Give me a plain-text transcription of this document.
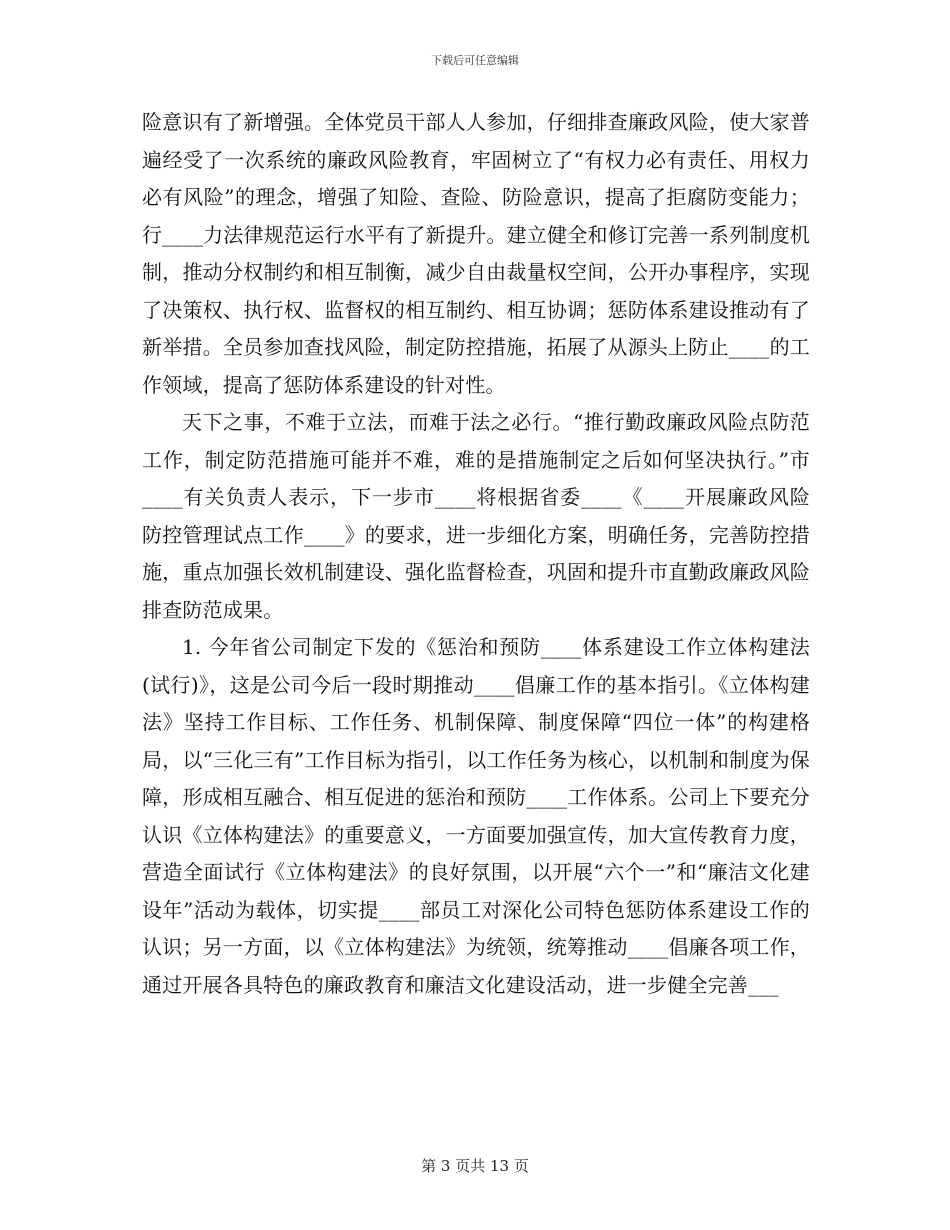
下载后可任意编辑

险意识有了新增强。全体党员干部人人参加，仔细排查廉政风险，使大家普遍经受了一次系统的廉政风险教育，牢固树立了“有权力必有责任、用权力必有风险”的理念，增强了知险、查险、防险意识，提高了拒腐防变能力；行____力法律规范运行水平有了新提升。建立健全和修订完善一系列制度机制，推动分权制约和相互制衡，减少自由裁量权空间，公开办事程序，实现了决策权、执行权、监督权的相互制约、相互协调；惩防体系建设推动有了新举措。全员参加查找风险，制定防控措施，拓展了从源头上防止____的工作领域，提高了惩防体系建设的针对性。

天下之事，不难于立法，而难于法之必行。“推行勤政廉政风险点防范工作，制定防范措施可能并不难，难的是措施制定之后如何坚决执行。”市____有关负责人表示，下一步市____将根据省委____《____开展廉政风险防控管理试点工作____》的要求，进一步细化方案，明确任务，完善防控措施，重点加强长效机制建设、强化监督检查，巩固和提升市直勤政廉政风险排查防范成果。

1. 今年省公司制定下发的《惩治和预防____体系建设工作立体构建法(试行)》，这是公司今后一段时期推动____倡廉工作的基本指引。《立体构建法》坚持工作目标、工作任务、机制保障、制度保障“四位一体”的构建格局，以“三化三有”工作目标为指引，以工作任务为核心，以机制和制度为保障，形成相互融合、相互促进的惩治和预防____工作体系。公司上下要充分认识《立体构建法》的重要意义，一方面要加强宣传，加大宣传教育力度，营造全面试行《立体构建法》的良好氛围，以开展“六个一”和“廉洁文化建设年”活动为载体，切实提____部员工对深化公司特色惩防体系建设工作的认识；另一方面，以《立体构建法》为统领，统筹推动____倡廉各项工作，通过开展各具特色的廉政教育和廉洁文化建设活动，进一步健全完善___

第 3 页共 13 页
